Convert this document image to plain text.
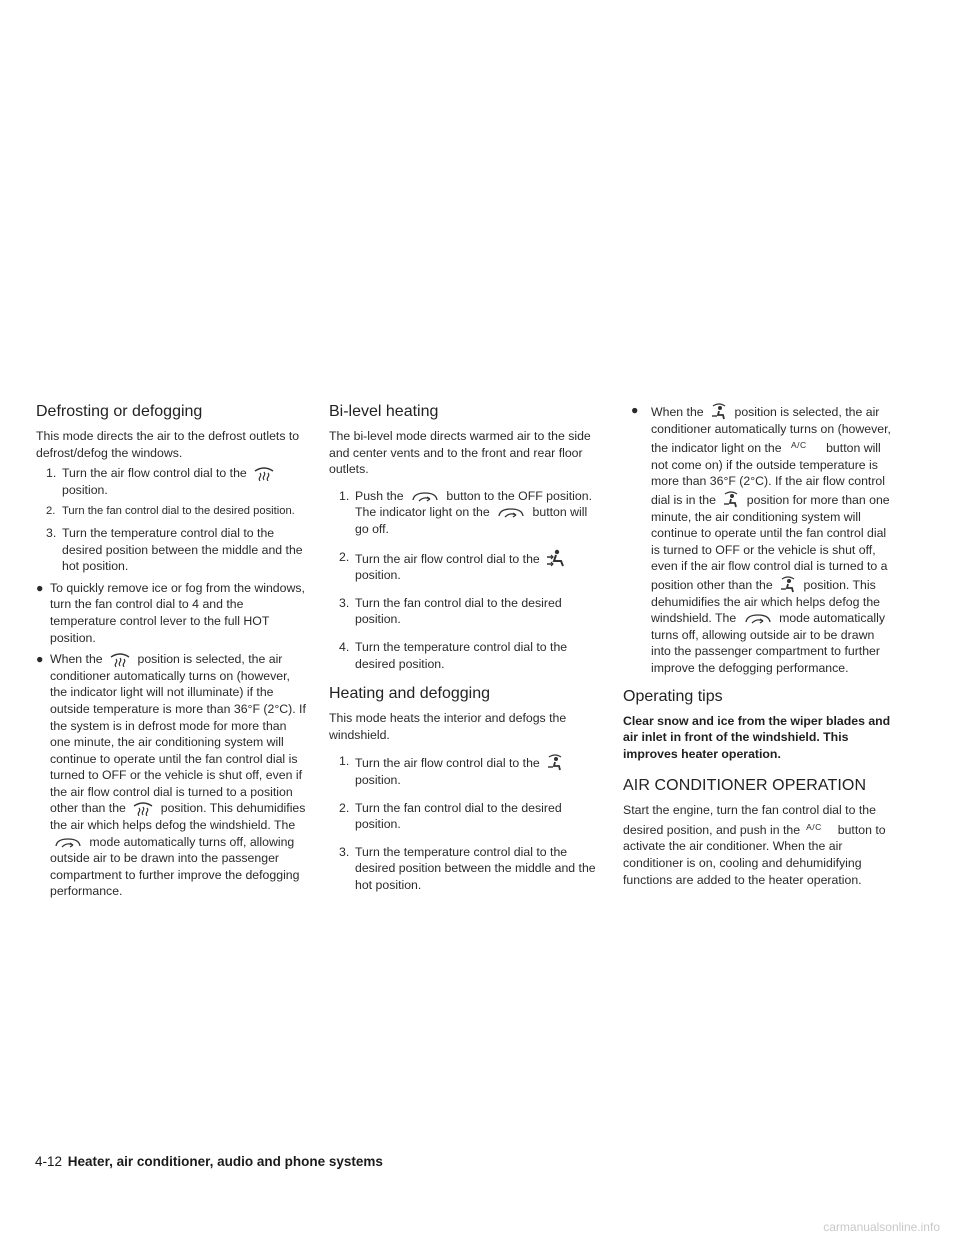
Defrosting or defogging

This mode directs the air to the defrost outlets to defrost/defog the windows.

1. Turn the air flow control dial to the
position.
2. Turn the fan control dial to the desired position.
3. Turn the temperature control dial to the desired position between the middle and the hot position.
● To quickly remove ice or fog from the windows, turn the fan control dial to 4 and the temperature control lever to the full HOT position.
● When the	position is selected, the air conditioner automatically turns on (however, the indicator light will not illuminate) if the outside temperature is more than 36°F (2°C). If the system is in defrost mode for more than one minute, the air conditioning system will continue to operate until the fan control dial is turned to OFF or the vehicle is shut off, even if the air flow control dial is turned to a position other than the	position. This dehumidifies the air which helps defog the windshield. The  mode automatically turns off, allowing outside air to be drawn into the passenger compartment to further improve the defogging performance.
Bi-level heating

The bi-level mode directs warmed air to the side and center vents and to the front and rear floor outlets.

1. Push the	button to the OFF position. The indicator light on the	button will go off.
2. Turn the air flow control dial to the
position.
3. Turn the fan control dial to the desired position.
4. Turn the temperature control dial to the desired position.
Heating and defogging

This mode heats the interior and defogs the windshield.

1. Turn the air flow control dial to the
position.
2. Turn the fan control dial to the desired position.
3. Turn the temperature control dial to the desired position between the middle and the hot position.
● When the	position is selected, the air conditioner automatically turns on (however, the indicator light on the $^{A/C}$ button will not come on) if the outside temperature is more than 36°F (2°C). If the air flow control dial is in the	position for more than one minute, the air conditioning system will continue to operate until the fan control dial is turned to OFF or the vehicle is shut off, even if the air flow control dial is turned to a position other than the	position. This dehumidifies the air which helps defog the windshield. The	mode automatically turns off, allowing outside air to be drawn into the passenger compartment to further improve the defogging performance.
Operating tips

Clear snow and ice from the wiper blades and air inlet in front of the windshield. This improves heater operation.

AIR CONDITIONER OPERATION

Start the engine, turn the fan control dial to the desired position, and push in the $^{A/C}$ button to activate the air conditioner. When the air conditioner is on, cooling and dehumidifying functions are added to the heater operation.

4-12 Heater, air conditioner, audio and phone systems
carmanualsonline.info
